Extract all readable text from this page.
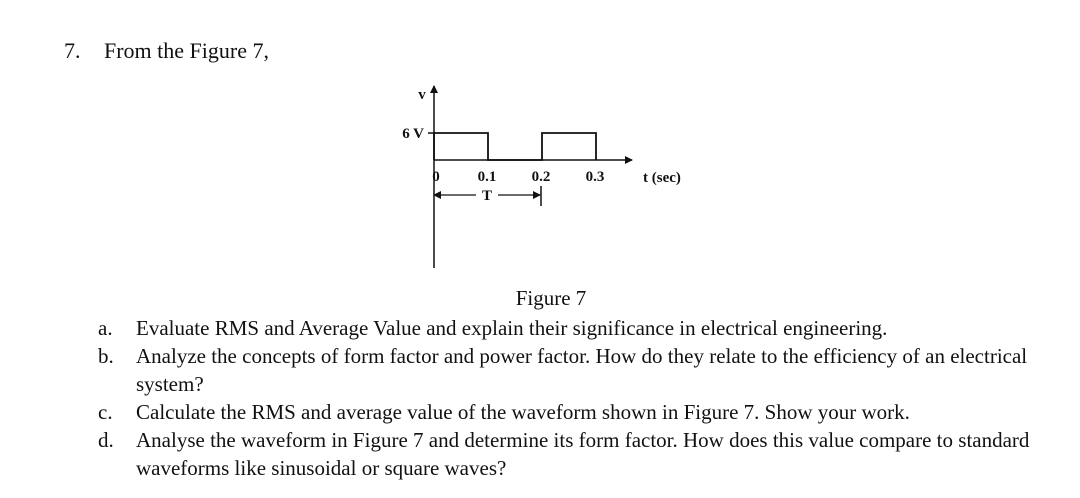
7. From the Figure 7,
v
6 V
0	0.1 0.2 0.3	t (sec)
T
Figure 7
a.	Evaluate RMS and Average Value and explain their significance in electrical engineering.
b.	Analyze the concepts of form factor and power factor. How do they relate to the efficiency of an electrical system?
c.	Calculate the RMS and average value of the waveform shown in Figure 7. Show your work.
d.	Analyse the waveform in Figure 7 and determine its form factor. How does this value compare to standard waveforms like sinusoidal or square waves?
